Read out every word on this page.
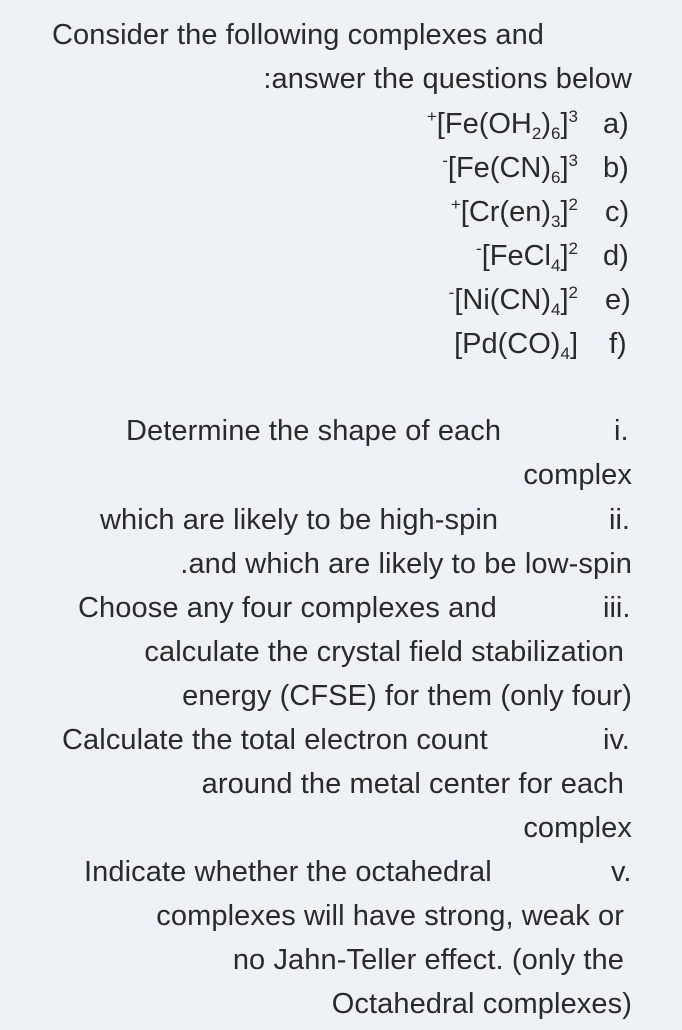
Consider the following complexes and
:answer the questions below
$^+[Fe(OH_2)_6]^3$ a)
$^-[Fe(CN)_6]^3$ b)
$^+[Cr(en)_3]^2$ c)
-[FeCl$_4$]$^2$ d)
$^-[Ni(CN)_4]^2$ e)
$[Pd(CO)_4]$ f)
Determine the shape of each	i.
complex
which are likely to be high-spin	ii.
.and which are likely to be low-spin
Choose any four complexes and	iii.
calculate the crystal field stabilization
energy (CFSE) for them (only four)
Calculate the total electron count	iv.
around the metal center for each
complex
Indicate whether the octahedral	v.
complexes will have strong, weak or
no Jahn-Teller effect. (only the
Octahedral complexes)
